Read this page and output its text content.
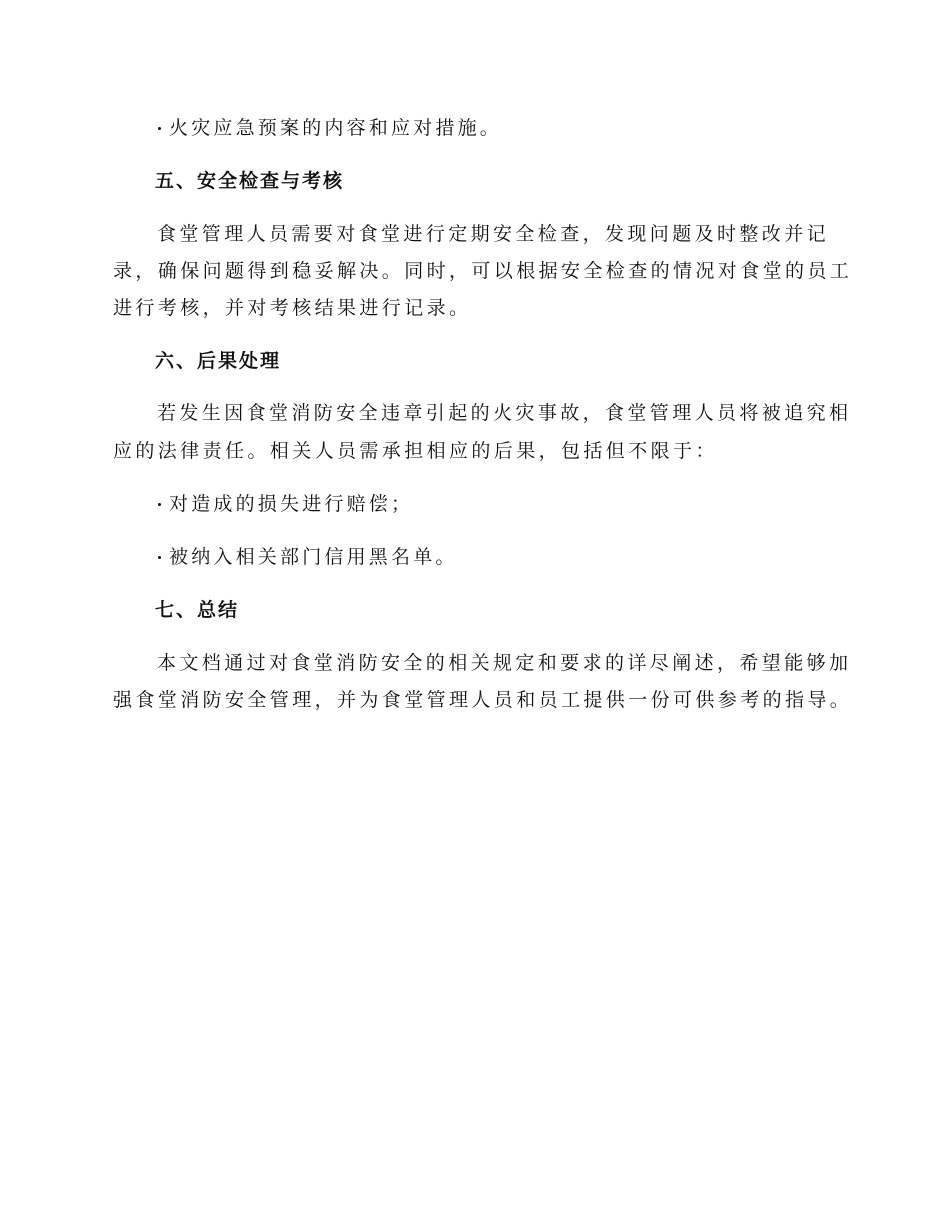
火灾应急预案的内容和应对措施。
五、安全检查与考核
食堂管理人员需要对食堂进行定期安全检查，发现问题及时整改并记
录，确保问题得到稳妥解决。同时，可以根据安全检查的情况对食堂的员工
进行考核，并对考核结果进行记录。
六、后果处理
若发生因食堂消防安全违章引起的火灾事故，食堂管理人员将被追究相
应的法律责任。相关人员需承担相应的后果，包括但不限于：
对造成的损失进行赔偿；
被纳入相关部门信用黑名单。
七、总结
本文档通过对食堂消防安全的相关规定和要求的详尽阐述，希望能够加
强食堂消防安全管理，并为食堂管理人员和员工提供一份可供参考的指导。
